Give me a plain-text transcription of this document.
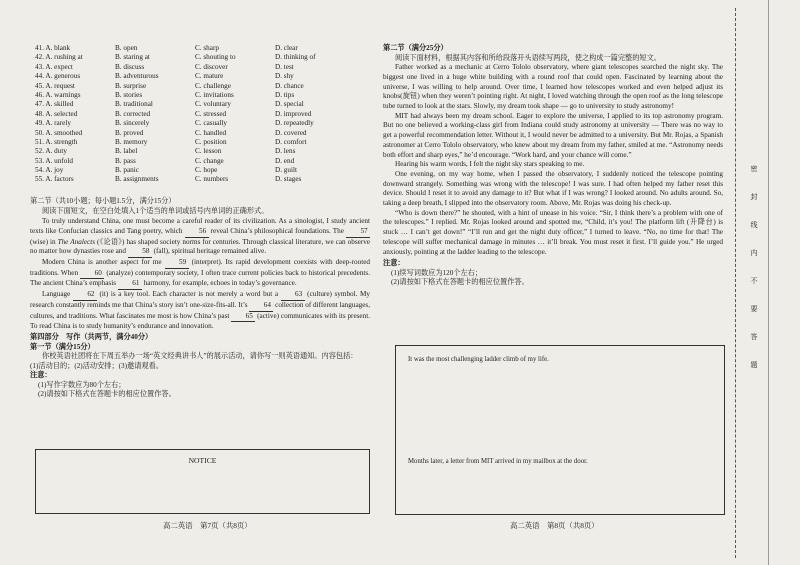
41. A. blank	B. open	C. sharp	D. clear
42. A. rushing at	B. staring at	C. shouting to	D. thinking of
43. A. expect	B. discuss	C. discover	D. test
44. A. generous	B. adventurous	C. mature	D. shy
45. A. request	B. surprise	C. challenge	D. chance
46. A. warnings	B. stories	C. invitations	D. tips
47. A. skilled	B. traditional	C. voluntary	D. special
48. A. selected	B. corrected	C. stressed	D. improved
49. A. rarely	B. sincerely	C. casually	D. repeatedly
50. A. smoothed	B. proved	C. handled	D. covered
51. A. strength	B. memory	C. position	D. comfort
52. A. duty	B. label	C. lesson	D. lens
53. A. unfold	B. pass	C. change	D. end
54. A. joy	B. panic	C. hope	D. guilt
55. A. factors	B. assignments	C. numbers	D. stages

第二节（共10小题；每小题1.5分，满分15分）

阅读下面短文，在空白处填入1个适当的单词或括号内单词的正确形式。

To truly understand China, one must become a careful reader of its civilization. As a sinologist, I study ancient texts like Confucian classics and Tang poetry, which 56 reveal China’s philosophical foundations. The 57 (wise) in The Analects (《论语》) has shaped society norms for centuries. Through classical literature, we can observe no matter how dynasties rose and 58 (fall), spiritual heritage remained alive.

Modern China is another aspect for me 59 (interpret). Its rapid development coexists with deep-rooted traditions. When 60 (analyze) contemporary society, I often trace current policies back to historical precedents. The ancient China’s emphasis 61 harmony, for example, echoes in today’s governance.

Language 62 (it) is a key tool. Each character is not merely a word but a 63 (culture) symbol. My research constantly reminds me that China’s story isn’t one-size-fits-all. It’s 64 collection of different languages, cultures, and traditions. What fascinates me most is how China’s past 65 (active) communicates with its present. To read China is to study humanity’s endurance and innovation.

第四部分　写作（共两节，满分40分）

第一节（满分15分）

你校英语社团将在下周五举办一场“英文经典讲书人”的展示活动，请你写一则英语通知。内容包括：

(1)活动目的；(2)活动安排；(3)邀请观看。

注意：

(1)写作字数应为80个左右；

(2)请按如下格式在答题卡的相应位置作答。

NOTICE
高二英语　第7页（共8页）

第二节（满分25分）

阅读下面材料，根据其内容和所给段落开头语续写两段，使之构成一篇完整的短文。

Father worked as a mechanic at Cerro Tololo observatory, where giant telescopes searched the night sky. The biggest one lived in a huge white building with a round roof that could open. Fascinated by learning about the universe, I was willing to help around. Over time, I learned how telescopes worked and even helped adjust its knobs(旋钮) when they weren’t pointing right. At night, I loved watching through the open roof as the long telescope tube turned to look at the stars. Slowly, my dream took shape — go to university to study astronomy!

MIT had always been my dream school. Eager to explore the universe, I applied to its top astronomy program. But no one believed a working-class girl from Indiana could study astronomy at university — There was no way to get a powerful recommendation letter. Without it, I would never be admitted to a university. But Mr. Rojas, a Spanish astronomer at Cerro Tololo observatory, who knew about my dream from my father, smiled at me. “Astronomy needs both effort and sharp eyes,” he’d encourage. “Work hard, and your chance will come.”

Hearing his warm words, I felt the night sky stars speaking to me.

One evening, on my way home, when I passed the observatory, I suddenly noticed the telescope pointing downward strangely. Something was wrong with the telescope! I was sure. I had often helped my father reset this device. Should I reset it to avoid any damage to it? But what if I was wrong? I looked around. No adults around. So, taking a deep breath, I slipped into the observatory room. Above, Mr. Rojas was doing his check-up.

“Who is down there?” he shouted, with a hint of unease in his voice. “Sir, I think there’s a problem with one of the telescopes.” I replied. Mr. Rojas looked around and spotted me, “Child, it’s you! The platform lift (升降台) is stuck … I can’t get down!” “I’ll run and get the night duty officer,” I turned to leave. “No, no time for that! The telescope will suffer mechanical damage in minutes … it’ll break. You must reset it first. I’ll guide you.” He urged anxiously, pointing at the ladder leading to the telescope.

注意：

(1)续写词数应为120个左右；

(2)请按如下格式在答题卡的相应位置作答。

It was the most challenging ladder climb of my life.
Months later, a letter from MIT arrived in my mailbox at the door.
高二英语　第8页（共8页）
密
封
线
内
不
要
答
题
